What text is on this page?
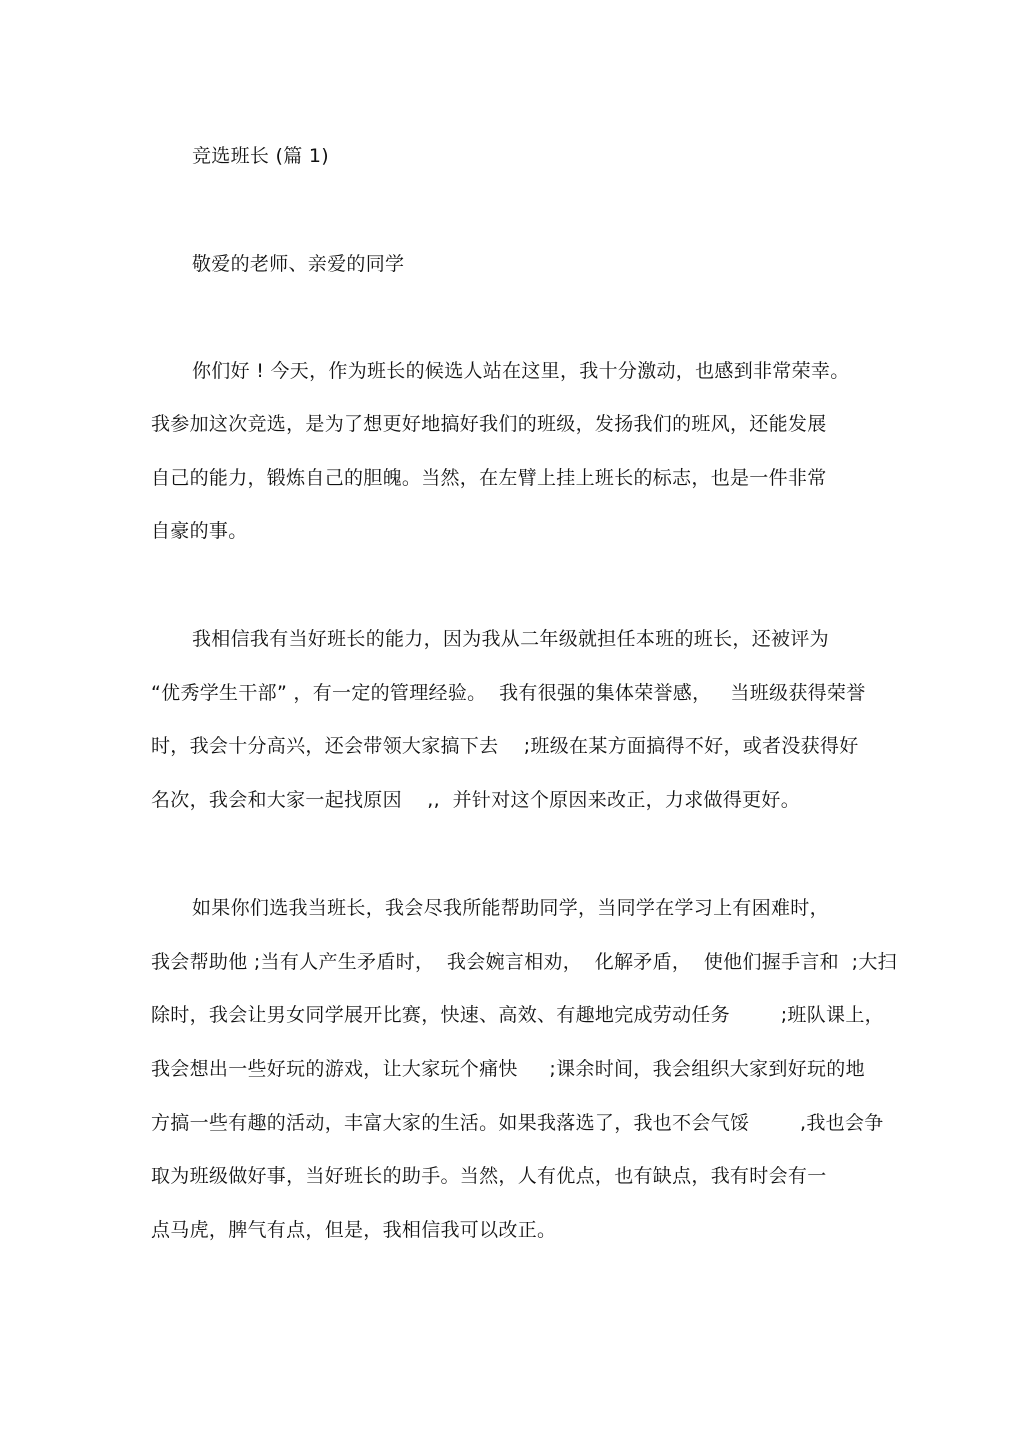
竞选班长 (篇 1)
敬爱的老师、亲爱的同学
你们好 ! 今天，作为班长的候选人站在这里，我十分激动，也感到非常荣幸。
我参加这次竞选，是为了想更好地搞好我们的班级，发扬我们的班风，还能发展
自己的能力，锻炼自己的胆魄。当然，在左臂上挂上班长的标志，也是一件非常
自豪的事。
我相信我有当好班长的能力，因为我从二年级就担任本班的班长，还被评为
“优秀学生干部” ，有一定的管理经验。  我有很强的集体荣誉感，   当班级获得荣誉
时，我会十分高兴，还会带领大家搞下去    ;班级在某方面搞得不好，或者没获得好
名次，我会和大家一起找原因    ,,  并针对这个原因来改正，力求做得更好。
如果你们选我当班长，我会尽我所能帮助同学，当同学在学习上有困难时，
我会帮助他 ;当有人产生矛盾时，  我会婉言相劝，  化解矛盾，  使他们握手言和  ;大扫
除时，我会让男女同学展开比赛，快速、高效、有趣地完成劳动任务        ;班队课上，
我会想出一些好玩的游戏，让大家玩个痛快     ;课余时间，我会组织大家到好玩的地
方搞一些有趣的活动，丰富大家的生活。如果我落选了，我也不会气馁        ,我也会争
取为班级做好事，当好班长的助手。当然，人有优点，也有缺点，我有时会有一
点马虎，脾气有点，但是，我相信我可以改正。
